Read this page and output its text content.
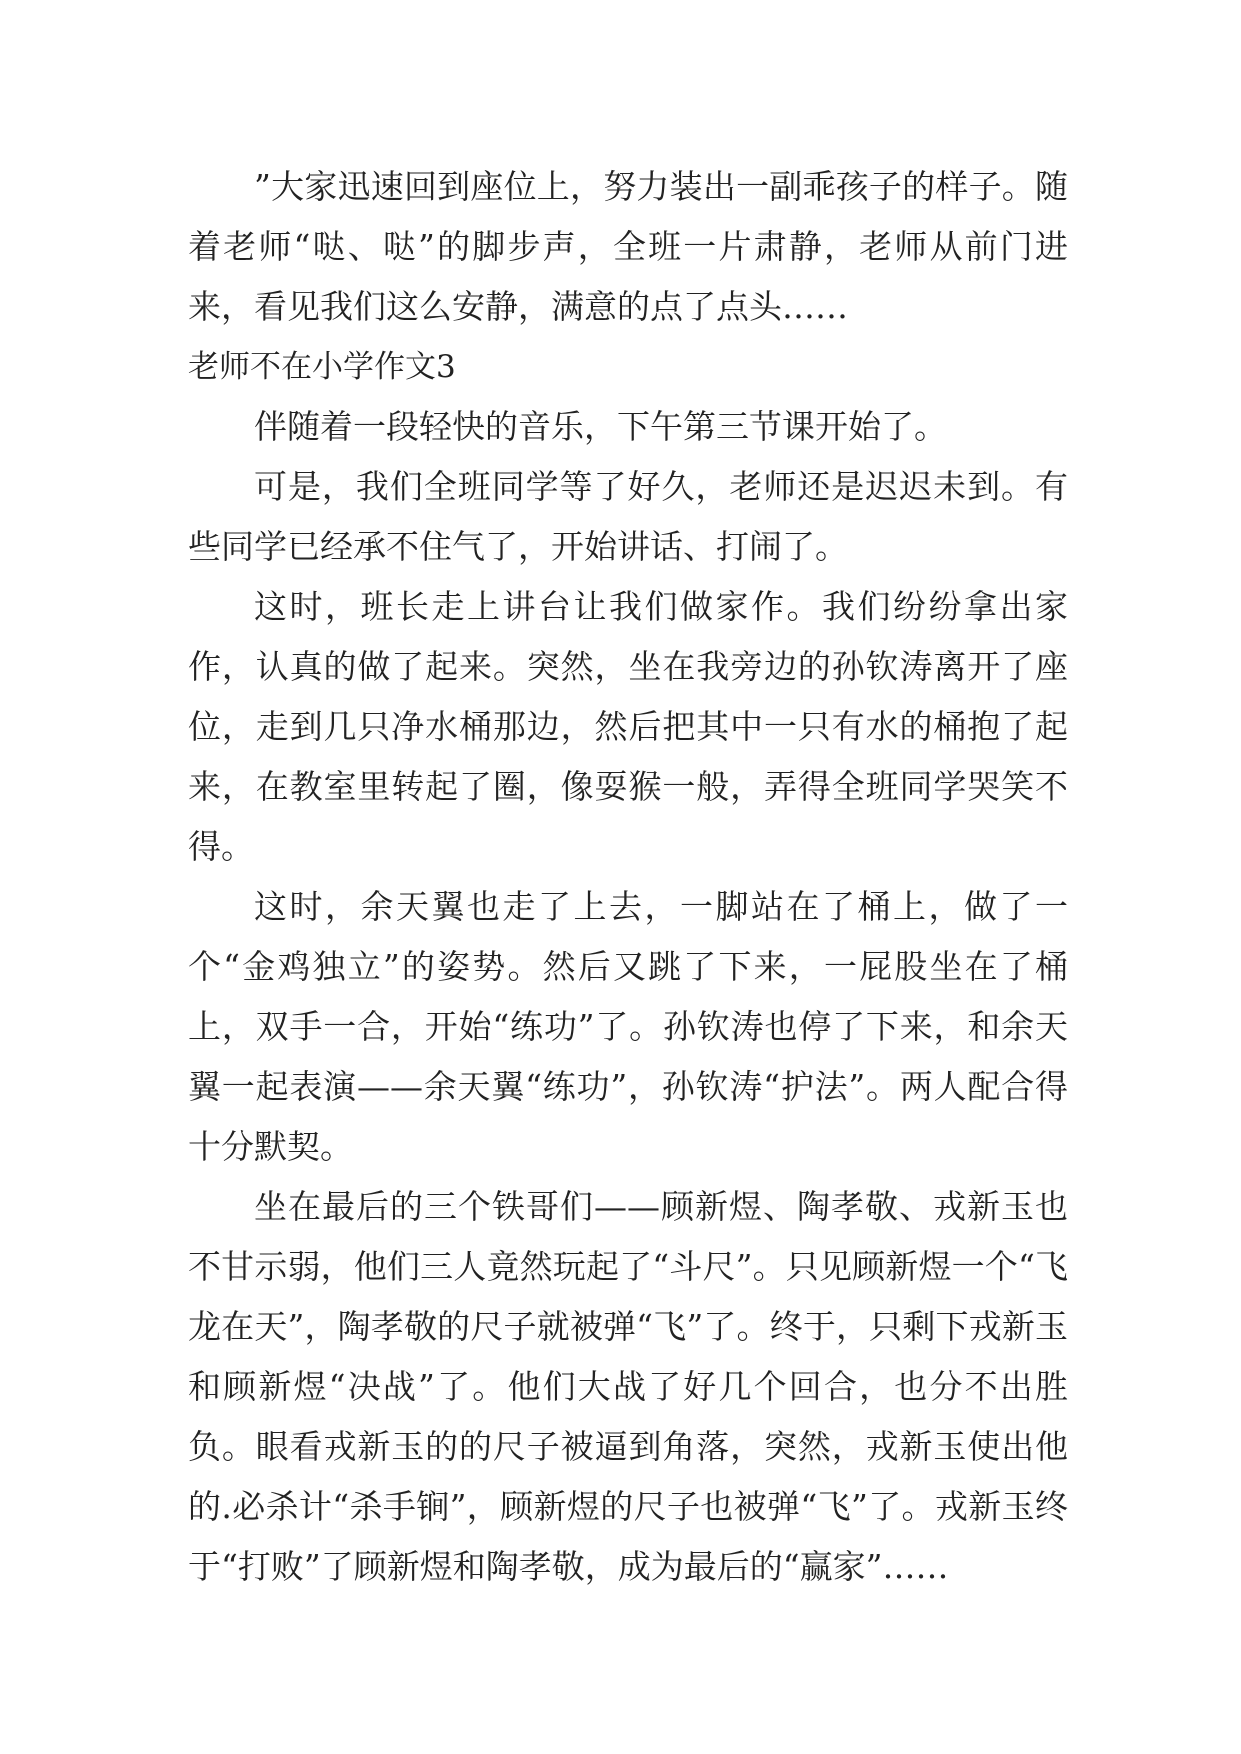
”大家迅速回到座位上，努力装出一副乖孩子的样子。随着老师“哒、哒”的脚步声，全班一片肃静，老师从前门进来，看见我们这么安静，满意的点了点头……

老师不在小学作文3

伴随着一段轻快的音乐，下午第三节课开始了。

可是，我们全班同学等了好久，老师还是迟迟未到。有些同学已经承不住气了，开始讲话、打闹了。

这时，班长走上讲台让我们做家作。我们纷纷拿出家作，认真的做了起来。突然，坐在我旁边的孙钦涛离开了座位，走到几只净水桶那边，然后把其中一只有水的桶抱了起来，在教室里转起了圈，像耍猴一般，弄得全班同学哭笑不得。

这时，余天翼也走了上去，一脚站在了桶上，做了一个“金鸡独立”的姿势。然后又跳了下来，一屁股坐在了桶上，双手一合，开始“练功”了。孙钦涛也停了下来，和余天翼一起表演——余天翼“练功”，孙钦涛“护法”。两人配合得十分默契。

坐在最后的三个铁哥们——顾新煜、陶孝敬、戎新玉也不甘示弱，他们三人竟然玩起了“斗尺”。只见顾新煜一个“飞龙在天”，陶孝敬的尺子就被弹“飞”了。终于，只剩下戎新玉和顾新煜“决战”了。他们大战了好几个回合，也分不出胜负。眼看戎新玉的的尺子被逼到角落，突然，戎新玉使出他的.必杀计“杀手锏”，顾新煜的尺子也被弹“飞”了。戎新玉终于“打败”了顾新煜和陶孝敬，成为最后的“赢家”……
